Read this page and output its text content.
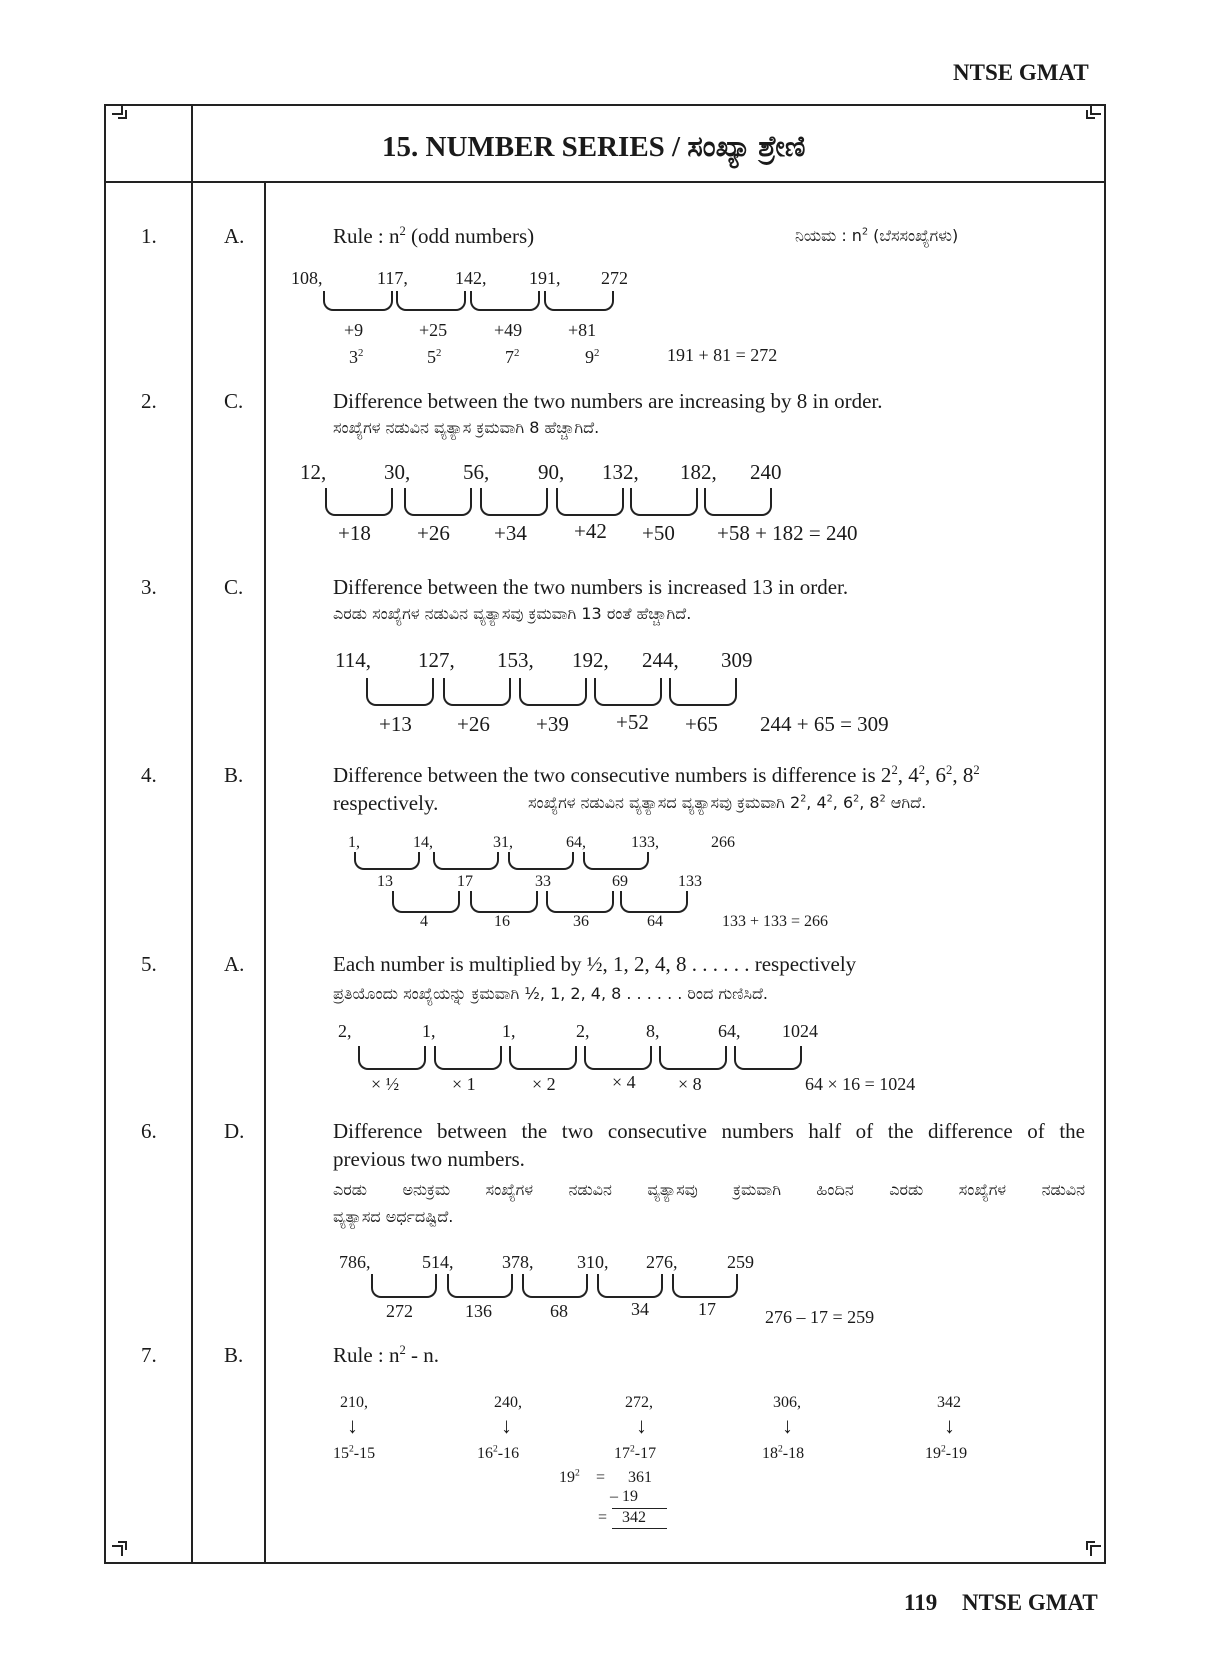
NTSE GMAT
119 NTSE GMAT
15. NUMBER SERIES / ಸಂಖ್ಯಾ ಶ್ರೇಣಿ
1.	A.	Rule : $n^2$ (odd numbers)	ನಿಯಮ : $n^2$ (ಬೆಸಸಂಖ್ಯೆಗಳು)
108,	117,	142, 191, 272
+9	+25	+49	+81
$3^2$	$5^2$	$7^2$	$9^2$	191 + 81 = 272
2.	C.	Difference between the two numbers are increasing by 8 in order.
ಸಂಖ್ಯೆಗಳ ನಡುವಿನ ವ್ಯತ್ಯಾಸ ಕ್ರಮವಾಗಿ 8 ಹೆಚ್ಚಾಗಿದೆ.
12,	30,	56, 90, 132, 182, 240
+18 +26 +34 +42 +50 +58 + 182 = 240
3.	C.	Difference between the two numbers is increased 13 in order.
ಎರಡು ಸಂಖ್ಯೆಗಳ ನಡುವಿನ ವ್ಯತ್ಯಾಸವು ಕ್ರಮವಾಗಿ 13 ರಂತೆ ಹೆಚ್ಚಾಗಿದೆ.
114, 127, 153, 192, 244, 309
+13 +26 +39 +52 +65 244 + 65 = 309
4.	B.	Difference between the two consecutive numbers is difference is $2^2$, $4^2$, $6^2$, $8^2$
respectively.	ಸಂಖ್ಯೆಗಳ ನಡುವಿನ ವ್ಯತ್ಯಾಸದ ವ್ಯತ್ಯಾಸವು ಕ್ರಮವಾಗಿ $2^2$, $4^2$, $6^2$, $8^2$ ಆಗಿದೆ.
1,	14,	31,	64,	133,	266
13	17	33	69	133
4	16	36	64	133 + 133 = 266
5.	A.	Each number is multiplied by ½, 1, 2, 4, 8 . . . . . . respectively
ಪ್ರತಿಯೊಂದು ಸಂಖ್ಯೆಯನ್ನು ಕ್ರಮವಾಗಿ ½, 1, 2, 4, 8 . . . . . . ರಿಂದ ಗುಣಿಸಿದೆ.
2,	1,	1,	2,	8,	64, 1024
× ½	× 1	× 2	× 4 × 8	64 × 16 = 1024
6.	D.	Difference between the two consecutive numbers half of the difference of the
previous two numbers.
ಎರಡು ಅನುಕ್ರಮ ಸಂಖ್ಯೆಗಳ ನಡುವಿನ ವ್ಯತ್ಯಾಸವು ಕ್ರಮವಾಗಿ ಹಿಂದಿನ ಎರಡು ಸಂಖ್ಯೆಗಳ ನಡುವಿನ
ವ್ಯತ್ಯಾಸದ ಅರ್ಧದಷ್ಟಿದೆ.
786,	514,	378, 310, 276,	259
272	136	68	34	17	276 – 17 = 259
7.	B.	Rule : $n^2$ - n.
210,	240,	272,	306,	342
↓	↓	↓	↓	↓
$15^2-15$	$16^2-16$	$17^2-17$	$18^2-18$	$19^2-19$
$19^2 = 361$
– 19
= 342
